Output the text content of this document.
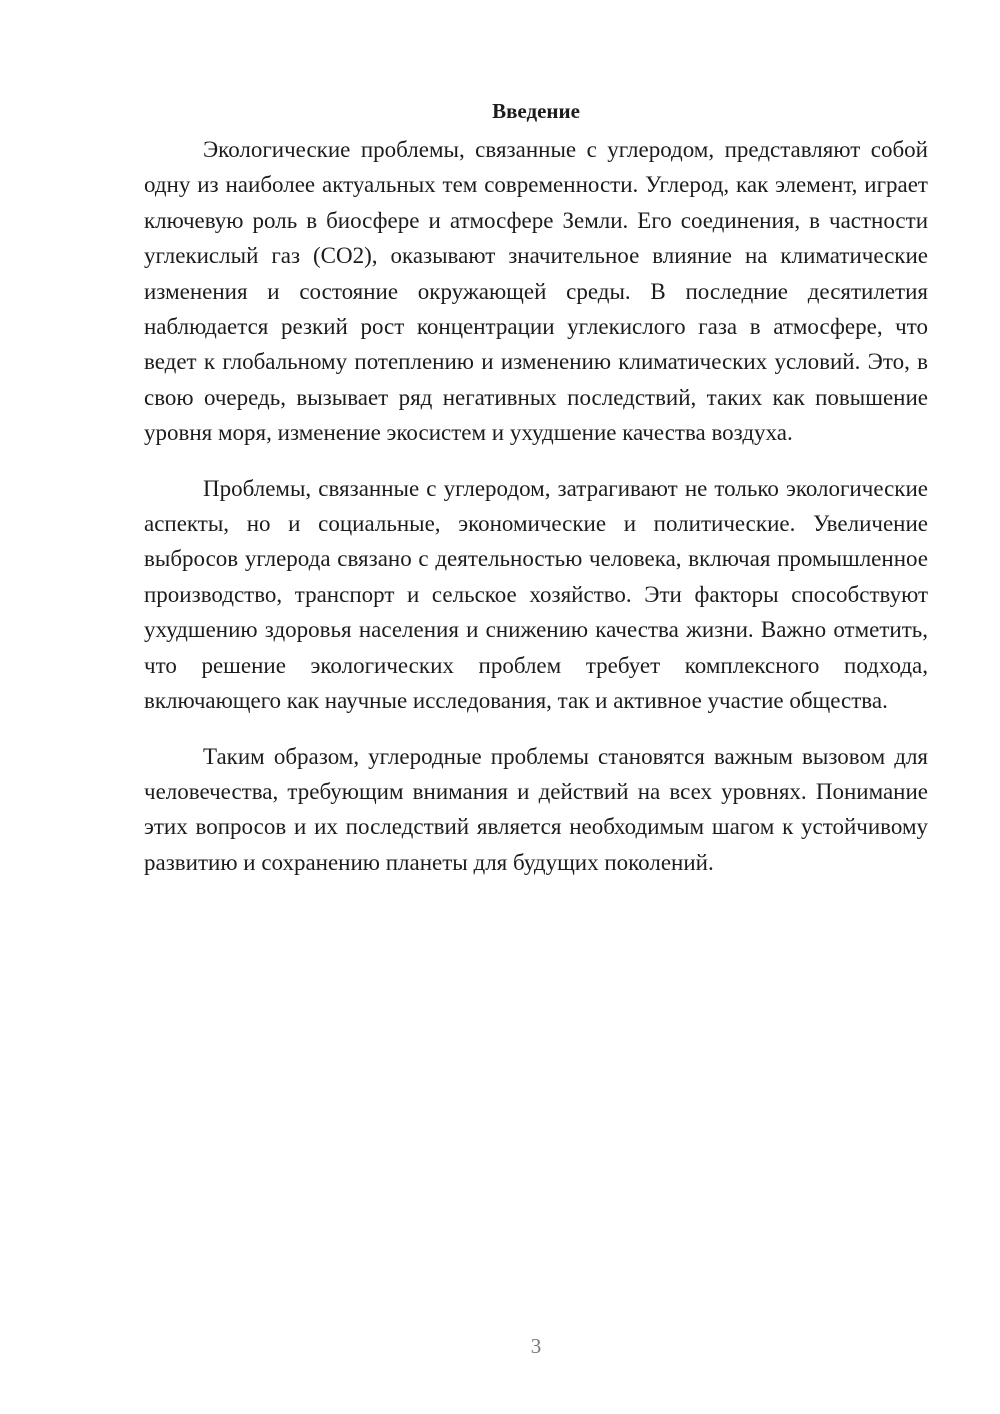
Введение

Экологические проблемы, связанные с углеродом, представляют собой одну из наиболее актуальных тем современности. Углерод, как элемент, играет ключевую роль в биосфере и атмосфере Земли. Его соединения, в частности углекислый газ (CO2), оказывают значительное влияние на климатические изменения и состояние окружающей среды. В последние десятилетия наблюдается резкий рост концентрации углекислого газа в атмосфере, что ведет к глобальному потеплению и изменению климатических условий. Это, в свою очередь, вызывает ряд негативных последствий, таких как повышение уровня моря, изменение экосистем и ухудшение качества воздуха.

Проблемы, связанные с углеродом, затрагивают не только экологические аспекты, но и социальные, экономические и политические. Увеличение выбросов углерода связано с деятельностью человека, включая промышленное производство, транспорт и сельское хозяйство. Эти факторы способствуют ухудшению здоровья населения и снижению качества жизни. Важно отметить, что решение экологических проблем требует комплексного подхода, включающего как научные исследования, так и активное участие общества.

Таким образом, углеродные проблемы становятся важным вызовом для человечества, требующим внимания и действий на всех уровнях. Понимание этих вопросов и их последствий является необходимым шагом к устойчивому развитию и сохранению планеты для будущих поколений.

3
